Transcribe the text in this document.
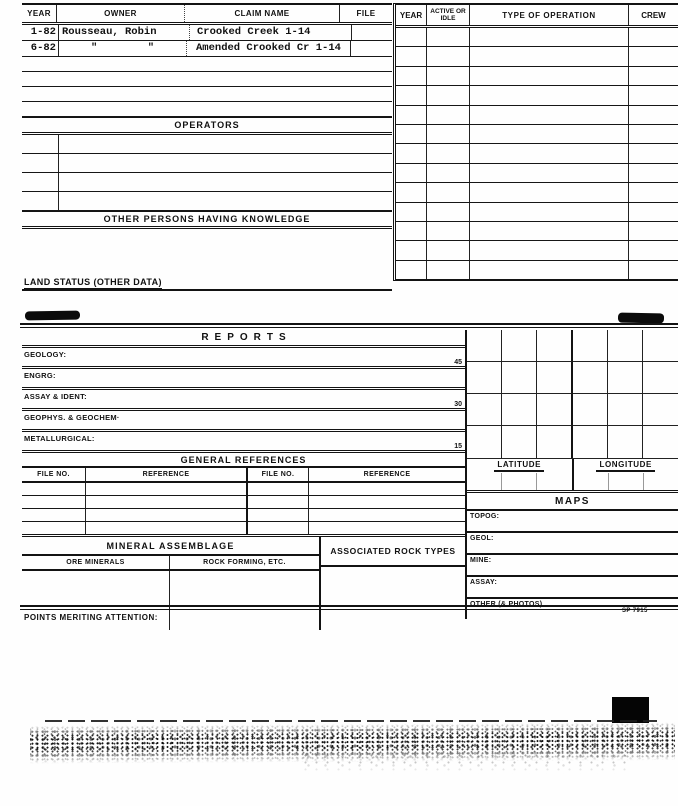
YEAR	OWNER	CLAIM NAME	FILE
1-82 Rousseau, Robin	Crooked Creek 1-14
6-82	"        "	Amended Crooked Cr 1-14
OPERATORS
OTHER PERSONS HAVING KNOWLEDGE
YEAR	ACTIVE OR IDLE	TYPE OF OPERATION	CREW
LAND STATUS (OTHER DATA)
REPORTS
GEOLOGY:
45
ENGRG:
ASSAY & IDENT:
30
GEOPHYS. & GEOCHEM·
METALLURGICAL:
15
GENERAL REFERENCES
FILE NO.	REFERENCE	FILE NO.	REFERENCE
MINERAL ASSEMBLAGE
ORE MINERALS	ROCK FORMING, ETC.
ASSOCIATED ROCK TYPES
LATITUDE	LONGITUDE
MAPS
TOPOG:
GEOL:
MINE:
ASSAY:
OTHER (& PHOTOS)
POINTS MERITING ATTENTION:
SP 7915
